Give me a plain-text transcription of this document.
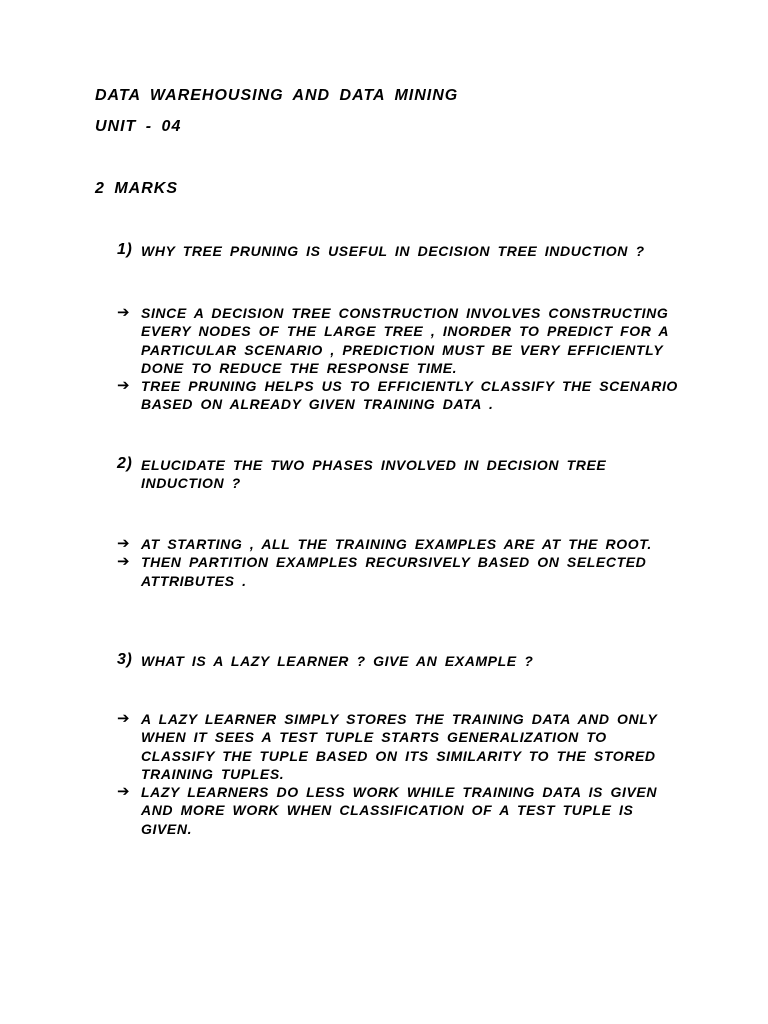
DATA WAREHOUSING AND DATA MINING
UNIT - 04
2 MARKS
1) WHY TREE PRUNING IS USEFUL IN DECISION TREE INDUCTION ?
➔ SINCE A DECISION TREE CONSTRUCTION INVOLVES CONSTRUCTING EVERY NODES OF THE LARGE TREE , INORDER TO PREDICT FOR A PARTICULAR SCENARIO , PREDICTION MUST BE VERY EFFICIENTLY DONE TO REDUCE THE RESPONSE TIME.
➔ TREE PRUNING HELPS US TO EFFICIENTLY CLASSIFY THE SCENARIO BASED ON ALREADY GIVEN TRAINING DATA .
2) ELUCIDATE THE TWO PHASES INVOLVED IN DECISION TREE INDUCTION ?
➔ AT STARTING , ALL THE TRAINING EXAMPLES ARE AT THE ROOT.
➔ THEN PARTITION EXAMPLES RECURSIVELY BASED ON SELECTED ATTRIBUTES .
3) WHAT IS A LAZY LEARNER ? GIVE AN EXAMPLE ?
➔ A LAZY LEARNER SIMPLY STORES THE TRAINING DATA AND ONLY WHEN IT SEES A TEST TUPLE STARTS GENERALIZATION TO CLASSIFY THE TUPLE BASED ON ITS SIMILARITY TO THE STORED TRAINING TUPLES.
➔ LAZY LEARNERS DO LESS WORK WHILE TRAINING DATA IS GIVEN AND MORE WORK WHEN CLASSIFICATION OF A TEST TUPLE IS GIVEN.
